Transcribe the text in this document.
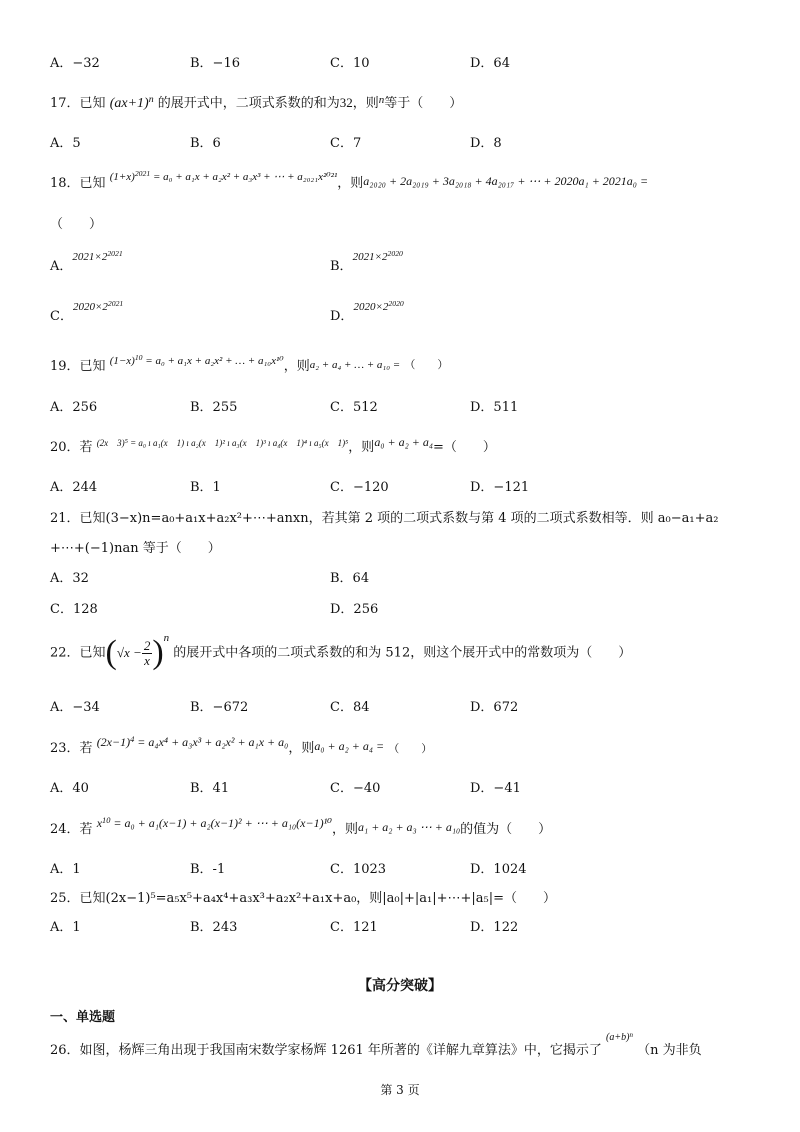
A．−32	B．−16	C．10	D．64
17．已知 $(ax+1)^n$ 的展开式中，二项式系数的和为32，则$^n$等于（　　）
A．5	B．6	C．7	D．8
18．已知 $^{(1+x)^{2021} = a_0 + a_1x + a_2x^2 + a_3x^3 + \cdots + a_{2021}x^{2021}}$，则a₂₀₂₀ + 2a₂₀₁₉ + 3a₂₀₁₈ + 4a₂₀₁₇ + ⋯ + 2020a₁ + 2021a₀ =
（　　）
A．$^{2021\times 2^{2021}}$
B．$^{2021\times 2^{2020}}$
C．$^{2020\times 2^{2021}}$
D．$^{2020\times 2^{2020}}$
19．已知 $^{(1-x)^{10} = a_0 + a_1x + a_2x^2 + \dots + a_{10}x^{10}}$，则a₂ + a₄ + … + a₁₀ = （　　）
A．256	B．255	C．512	D．511
20．若 $^{(2x 3)^5 = a_0 ı a_1(x 1) ı a_2(x 1)^2 ı a_3(x 1)^3 ı a_4(x 1)^4 ı a_5(x 1)^5}$，则a₀ + a₂ + a₄=（　　）
A．244	B．1	C．−120	D．−121
21．已知(3−x)n=a₀+a₁x+a₂x²+⋯+anxn，若其第 2 项的二项式系数与第 4 项的二项式系数相等．则 a₀−a₁+a₂
+⋯+(−1)nan 等于（　　）
A．32	B．64
C．128	D．256
22．已知$(√x - \frac{2}{x} )^n$ 的展开式中各项的二项式系数的和为 512，则这个展开式中的常数项为（　　）
A．−34	B．−672	C．84	D．672
23．若 $(2x-1)^4 = a_4x^4 + a_3x^3 + a_2x^2 + a_1x + a_0$，则a₀ + a₂ + a₄ = （　　）
A．40	B．41	C．−40	D．−41
24．若 $x^{10} = a_0 + a_1(x-1) + a_2(x-1)^2$ + ⋯ + a₁₀(x−1)¹⁰，则a₁ + a₂ + a₃ ⋯ + a₁₀的值为（　　）
A．1	B．-1	C．1023	D．1024
25．已知(2x−1)⁵=a₅x⁵+a₄x⁴+a₃x³+a₂x²+a₁x+a₀，则|a₀|+|a₁|+⋯+|a₅|=（　　）
A．1	B．243	C．121	D．122
【高分突破】
一、单选题
26．如图，杨辉三角出现于我国南宋数学家杨辉 1261 年所著的《详解九章算法》中，它揭示了 $^{(a+b)^n}$ （n 为非负
第 3 页
